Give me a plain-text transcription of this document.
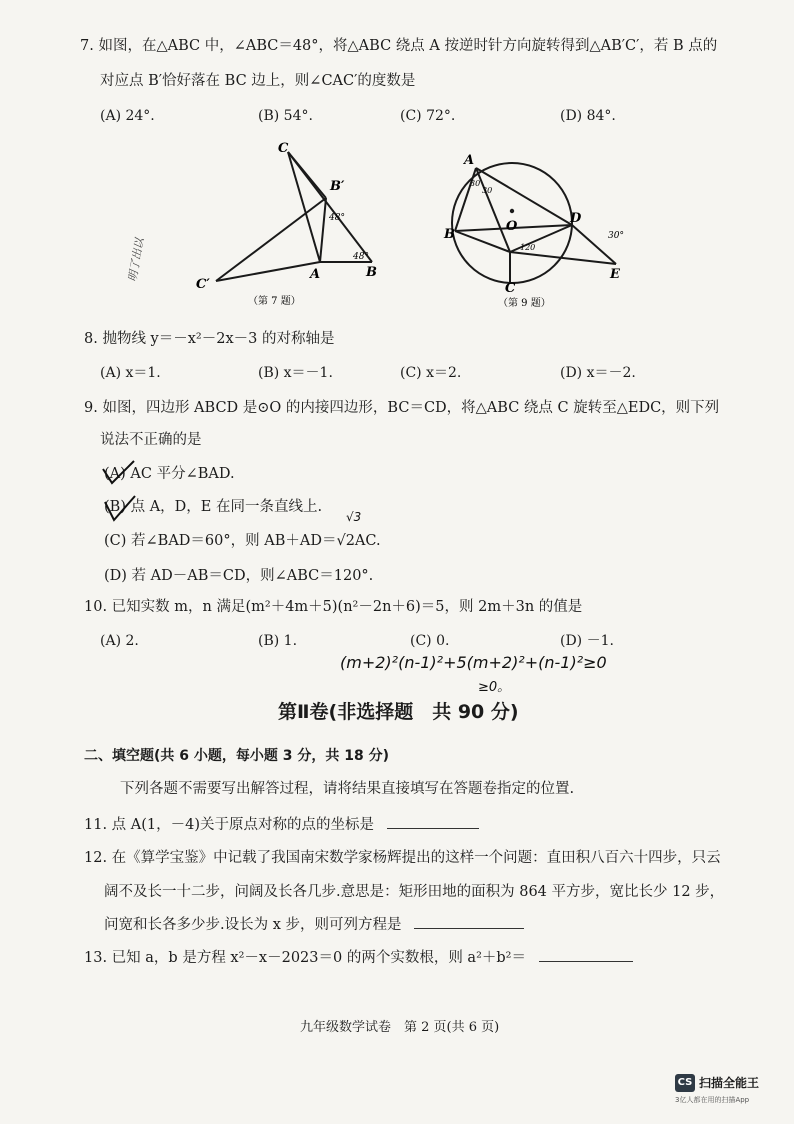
7. 如图，在△ABC 中，∠ABC＝48°，将△ABC 绕点 A 按逆时针方向旋转得到△AB′C′，若 B 点的
对应点 B′恰好落在 BC 边上，则∠CAC′的度数是
(A) 24°.	(B) 54°.	(C) 72°.	(D) 84°.
C
B′
C′
A	B
48°
48°
（第 7 题）
A
B
O
D
C
E
30
30
120
30°
（第 9 题）
明了出以
8. 抛物线 y＝－x²－2x－3 的对称轴是
(A) x＝1.	(B) x＝－1.	(C) x＝2.	(D) x＝－2.
9. 如图，四边形 ABCD 是⊙O 的内接四边形，BC＝CD，将△ABC 绕点 C 旋转至△EDC，则下列
说法不正确的是
(A) AC 平分∠BAD.
(B) 点 A，D，E 在同一条直线上.
√3
(C) 若∠BAD＝60°，则 AB＋AD＝√2AC.
(D) 若 AD－AB＝CD，则∠ABC＝120°.
10. 已知实数 m，n 满足(m²＋4m＋5)(n²－2n＋6)＝5，则 2m＋3n 的值是
(A) 2.	(B) 1.	(C) 0.	(D) －1.
(m+2)²(n-1)²+5(m+2)²+(n-1)²≥0
≥0。
第Ⅱ卷(非选择题　共 90 分)
二、填空题(共 6 小题，每小题 3 分，共 18 分)
下列各题不需要写出解答过程，请将结果直接填写在答题卷指定的位置.
11. 点 A(1，－4)关于原点对称的点的坐标是
12. 在《算学宝鉴》中记载了我国南宋数学家杨辉提出的这样一个问题：直田积八百六十四步，只云
阔不及长一十二步，问阔及长各几步.意思是：矩形田地的面积为 864 平方步，宽比长少 12 步，
问宽和长各多少步.设长为 x 步，则可列方程是
13. 已知 a，b 是方程 x²－x－2023＝0 的两个实数根，则 a²＋b²＝
九年级数学试卷　第 2 页(共 6 页)
CS 扫描全能王
3亿人都在用的扫描App
